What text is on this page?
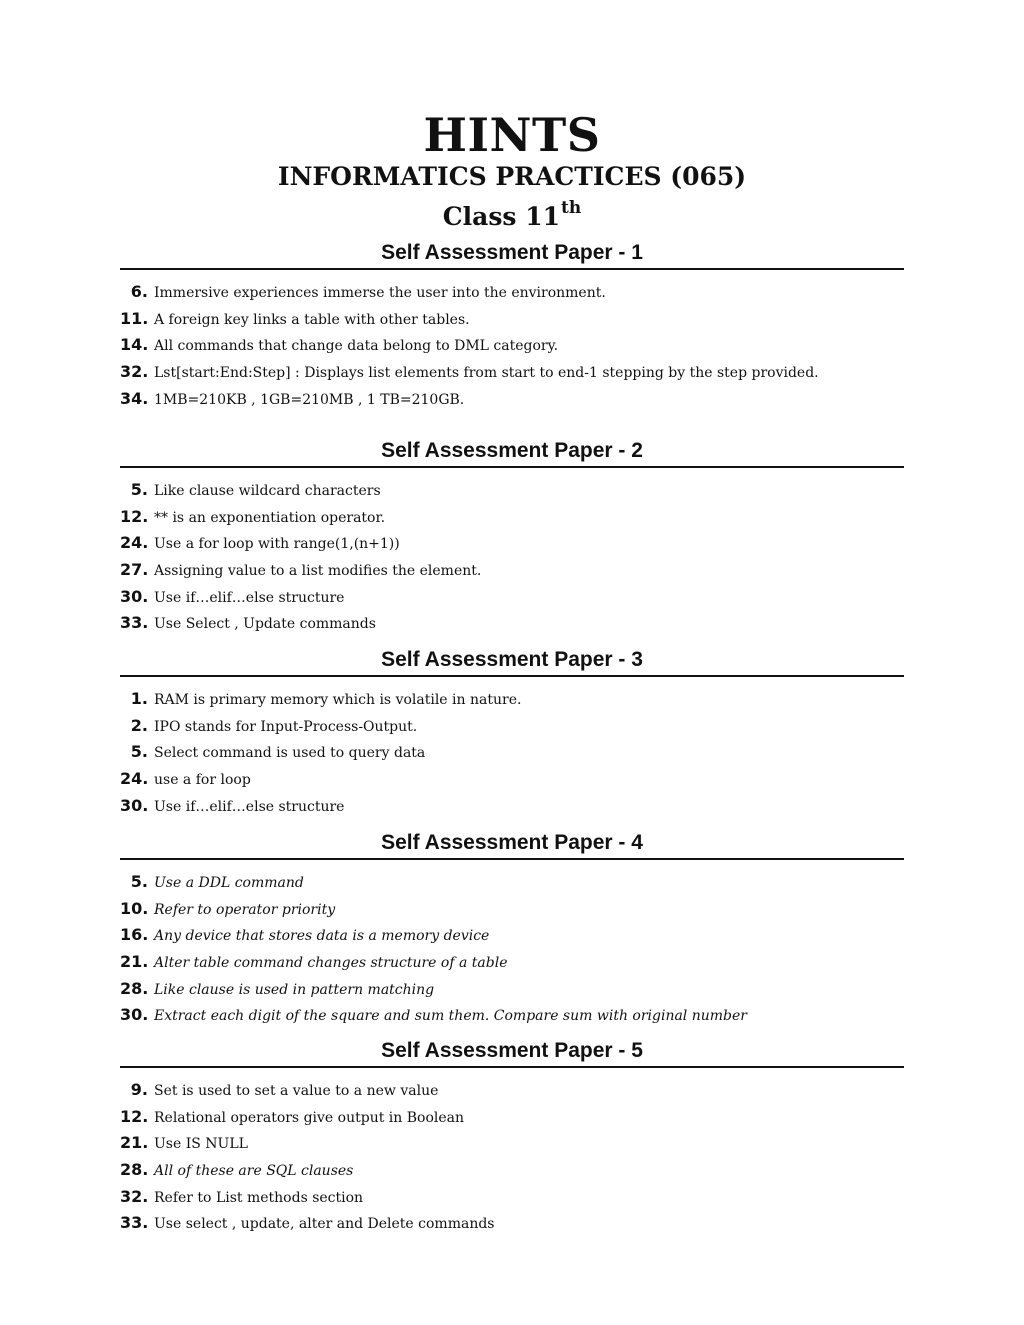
HINTS
INFORMATICS PRACTICES (065)
Class 11th
Self Assessment Paper - 1
6. Immersive experiences immerse the user into the environment.
11. A foreign key links a table with other tables.
14. All commands that change data belong to DML category.
32. Lst[start:End:Step] : Displays list elements from start to end-1 stepping by the step provided.
34. 1MB=210KB , 1GB=210MB , 1 TB=210GB.
Self Assessment Paper - 2
5. Like clause wildcard characters
12. ** is an exponentiation operator.
24. Use a for loop with range(1,(n+1))
27. Assigning value to a list modifies the element.
30. Use if…elif…else structure
33. Use Select , Update commands
Self Assessment Paper - 3
1. RAM is primary memory which is volatile in nature.
2. IPO stands for Input-Process-Output.
5. Select command is used to query data
24. use a for loop
30. Use if…elif…else structure
Self Assessment Paper - 4
5. Use a DDL command
10. Refer to operator priority
16. Any device that stores data is a memory device
21. Alter table command changes structure of a table
28. Like clause is used in pattern matching
30. Extract each digit of the square and sum them. Compare sum with original number
Self Assessment Paper - 5
9. Set is used to set a value to a new value
12. Relational operators give output in Boolean
21. Use IS NULL
28. All of these are SQL clauses
32. Refer to List methods section
33. Use select , update, alter and Delete commands
